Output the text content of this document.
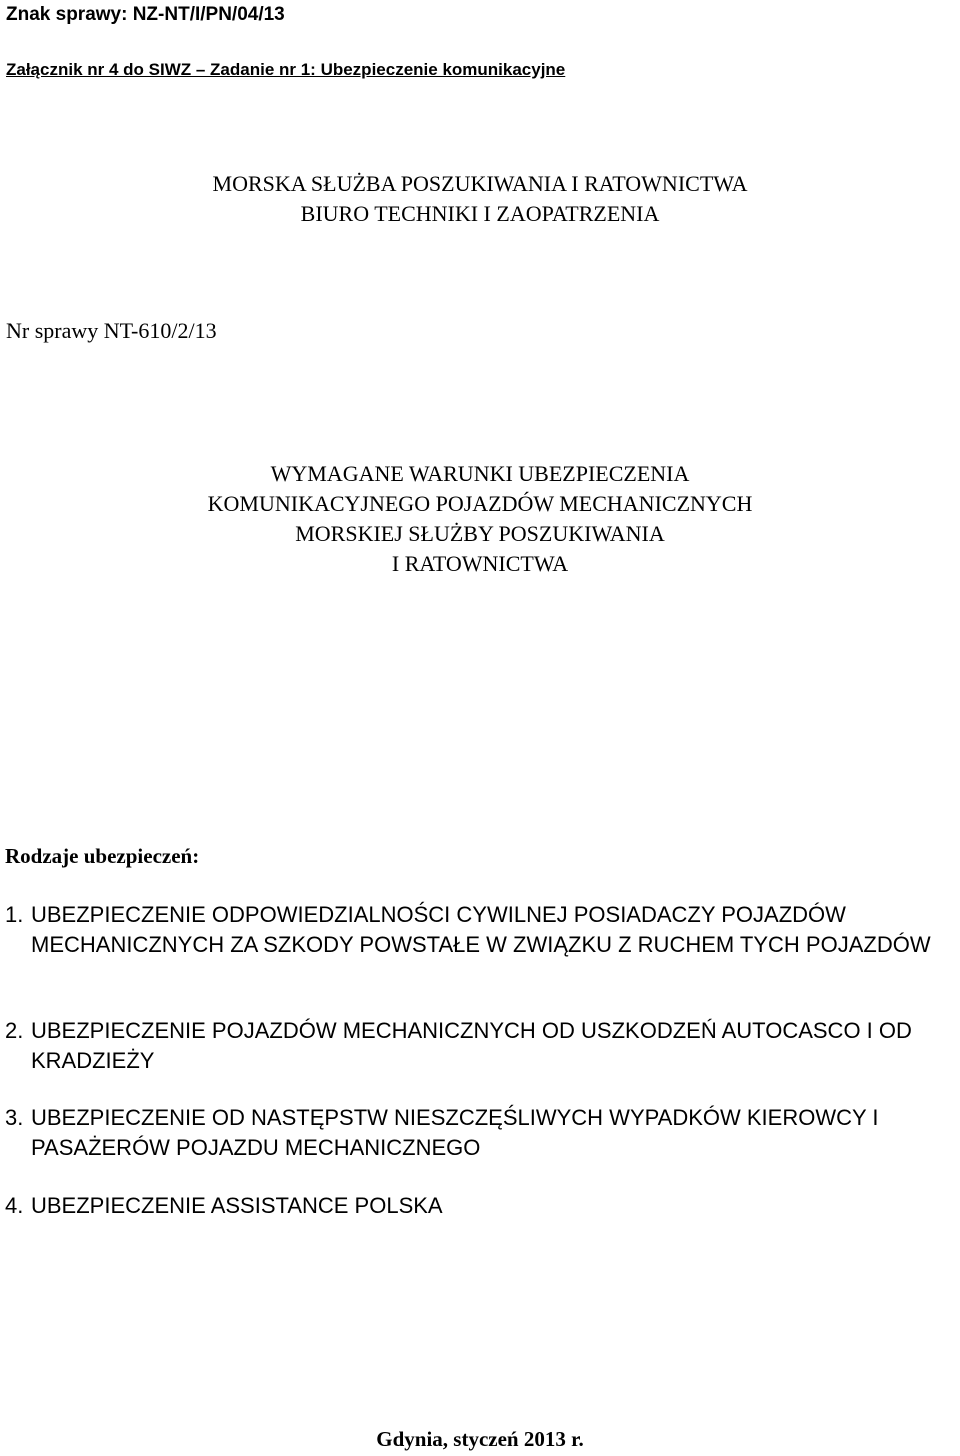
Znak sprawy: NZ-NT/I/PN/04/13
Załącznik nr 4 do SIWZ – Zadanie nr 1: Ubezpieczenie komunikacyjne
MORSKA SŁUŻBA POSZUKIWANIA I RATOWNICTWA
BIURO TECHNIKI I ZAOPATRZENIA
Nr sprawy NT-610/2/13
WYMAGANE WARUNKI UBEZPIECZENIA
KOMUNIKACYJNEGO POJAZDÓW MECHANICZNYCH
MORSKIEJ SŁUŻBY POSZUKIWANIA
I RATOWNICTWA
Rodzaje ubezpieczeń:
1. UBEZPIECZENIE ODPOWIEDZIALNOŚCI CYWILNEJ POSIADACZY POJAZDÓW MECHANICZNYCH ZA SZKODY POWSTAŁE W ZWIĄZKU Z RUCHEM TYCH POJAZDÓW
2. UBEZPIECZENIE POJAZDÓW MECHANICZNYCH OD USZKODZEŃ AUTOCASCO I OD KRADZIEŻY
3. UBEZPIECZENIE OD NASTĘPSTW NIESZCZĘŚLIWYCH WYPADKÓW KIEROWCY I PASAŻERÓW POJAZDU MECHANICZNEGO
4. UBEZPIECZENIE ASSISTANCE POLSKA
Gdynia, styczeń 2013 r.
